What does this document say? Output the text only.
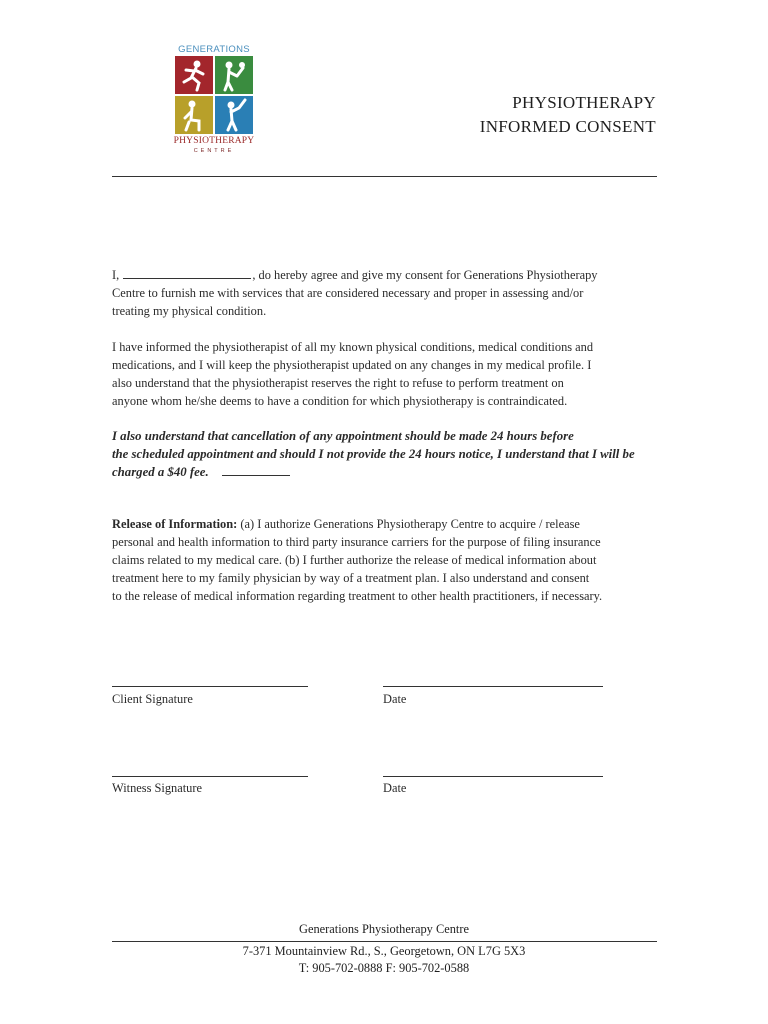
GENERATIONS
PHYSIOTHERAPY
CENTRE
PHYSIOTHERAPY
INFORMED CONSENT
I,	, do hereby agree and give my consent for Generations Physiotherapy
Centre to furnish me with services that are considered necessary and proper in assessing and/or
treating my physical condition.
I have informed the physiotherapist of all my known physical conditions, medical conditions and
medications, and I will keep the physiotherapist updated on any changes in my medical profile. I
also understand that the physiotherapist reserves the right to refuse to perform treatment on
anyone whom he/she deems to have a condition for which physiotherapy is contraindicated.
I also understand that cancellation of any appointment should be made 24 hours before
the scheduled appointment and should I not provide the 24 hours notice, I understand that I will be
charged a $40 fee.
Release of Information: (a) I authorize Generations Physiotherapy Centre to acquire / release
personal and health information to third party insurance carriers for the purpose of filing insurance
claims related to my medical care. (b) I further authorize the release of medical information about
treatment here to my family physician by way of a treatment plan. I also understand and consent
to the release of medical information regarding treatment to other health practitioners, if necessary.
Client Signature	Date
Witness Signature	Date
Generations Physiotherapy Centre
7-371 Mountainview Rd., S., Georgetown, ON L7G 5X3
T: 905-702-0888 F: 905-702-0588
